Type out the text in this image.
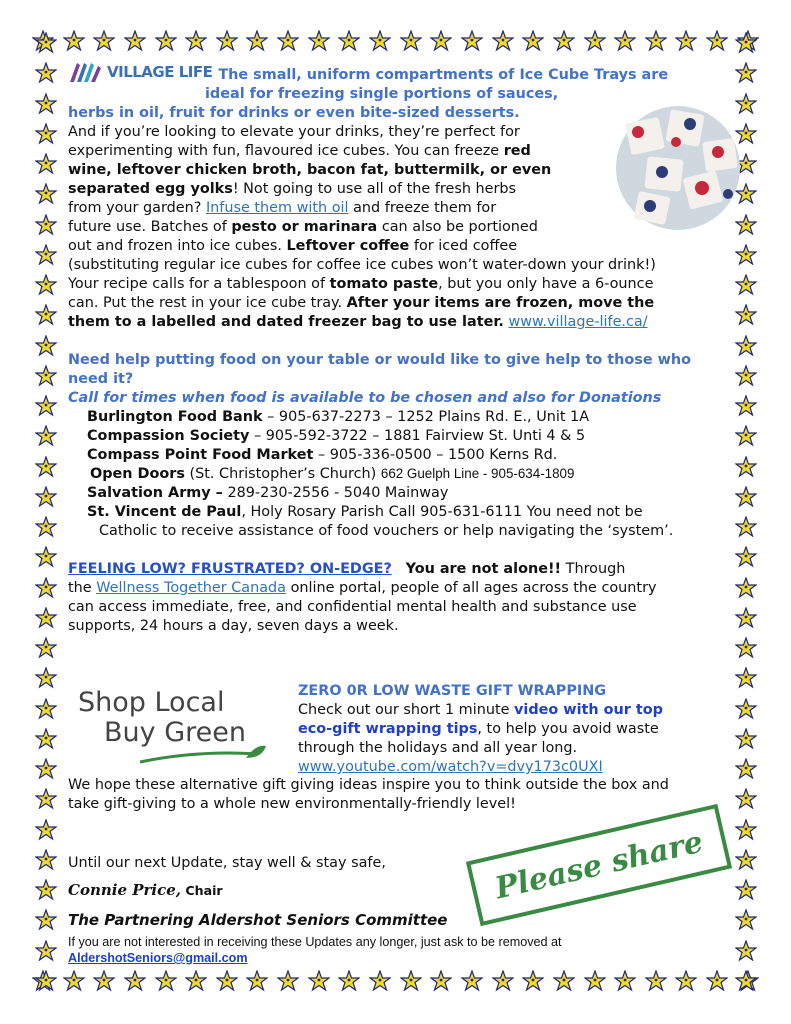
VILLAGE LIFE The small, uniform compartments of Ice Cube Trays are

ideal for freezing single portions of sauces,

herbs in oil, fruit for drinks or even bite-sized desserts.

And if you’re looking to elevate your drinks, they’re perfect for

experimenting with fun, flavoured ice cubes. You can freeze red

wine, leftover chicken broth, bacon fat, buttermilk, or even

separated egg yolks! Not going to use all of the fresh herbs

from your garden? Infuse them with oil and freeze them for

future use. Batches of pesto or marinara can also be portioned

out and frozen into ice cubes. Leftover coffee for iced coffee

(substituting regular ice cubes for coffee ice cubes won’t water-down your drink!)

Your recipe calls for a tablespoon of tomato paste, but you only have a 6-ounce

can. Put the rest in your ice cube tray. After your items are frozen, move the

them to a labelled and dated freezer bag to use later. www.village-life.ca/

Need help putting food on your table or would like to give help to those who need it?

Call for times when food is available to be chosen and also for Donations

Burlington Food Bank – 905-637-2273 – 1252 Plains Rd. E., Unit 1A
Compassion Society – 905-592-3722 – 1881 Fairview St. Unti 4 & 5
Compass Point Food Market – 905-336-0500 – 1500 Kerns Rd.
Open Doors (St. Christopher’s Church) 662 Guelph Line - 905-634-1809
Salvation Army – 289-230-2556 - 5040 Mainway
St. Vincent de Paul, Holy Rosary Parish Call 905-631-6111 You need not be
Catholic to receive assistance of food vouchers or help navigating the ‘system’.

FEELING LOW? FRUSTRATED? ON-EDGE? You are not alone!! Through

the Wellness Together Canada online portal, people of all ages across the country

can access immediate, free, and confidential mental health and substance use

supports, 24 hours a day, seven days a week.

Shop Local
Buy Green

ZERO 0R LOW WASTE GIFT WRAPPING

Check out our short 1 minute video with our top

eco-gift wrapping tips, to help you avoid waste

through the holidays and all year long.

www.youtube.com/watch?v=dvy173c0UXI

We hope these alternative gift giving ideas inspire you to think outside the box and

take gift-giving to a whole new environmentally-friendly level!

Please share

Until our next Update, stay well & stay safe,

Connie Price, Chair

The Partnering Aldershot Seniors Committee

If you are not interested in receiving these Updates any longer, just ask to be removed at

AldershotSeniors@gmail.com
